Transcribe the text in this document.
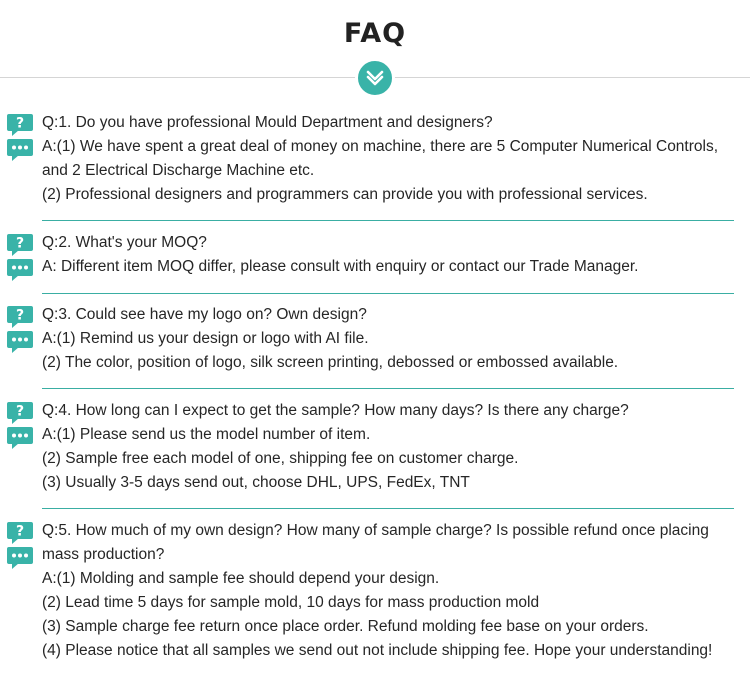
FAQ
? Q:1. Do you have professional Mould Department and designers?
A:(1) We have spent a great deal of money on machine, there are 5 Computer Numerical Controls,
and 2 Electrical Discharge Machine etc.
(2) Professional designers and programmers can provide you with professional services.
? Q:2. What's your MOQ?
A: Different item MOQ differ, please consult with enquiry or contact our Trade Manager.
? Q:3. Could see have my logo on? Own design?
A:(1) Remind us your design or logo with AI file.
(2) The color, position of logo, silk screen printing, debossed or embossed available.
? Q:4. How long can I expect to get the sample? How many days? Is there any charge?
A:(1) Please send us the model number of item.
(2) Sample free each model of one, shipping fee on customer charge.
(3) Usually 3-5 days send out, choose DHL, UPS, FedEx, TNT
? Q:5. How much of my own design? How many of sample charge? Is possible refund once placing
mass production?
A:(1) Molding and sample fee should depend your design.
(2) Lead time 5 days for sample mold, 10 days for mass production mold
(3) Sample charge fee return once place order. Refund molding fee base on your orders.
(4) Please notice that all samples we send out not include shipping fee. Hope your understanding!
